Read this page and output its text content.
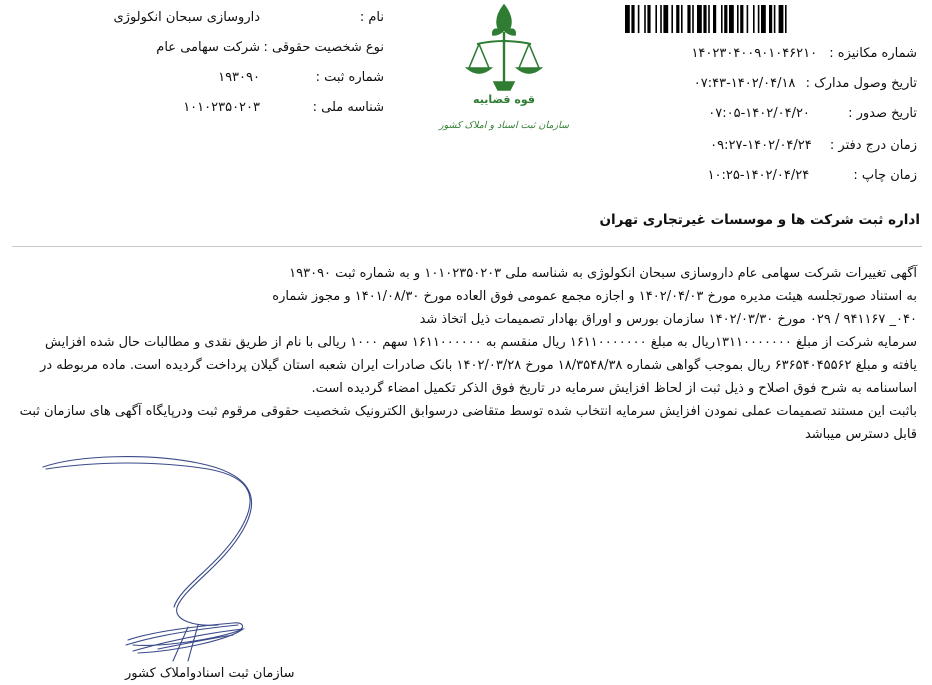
شماره مکانیزه : ۱۴۰۲۳۰۴۰۰۹۰۱۰۴۶۲۱۰
تاریخ وصول مدارک : ۱۴۰۲/۰۴/۱۸-۰۷:۴۳
تاریخ صدور : ۱۴۰۲/۰۴/۲۰-۰۷:۰۵
زمان درج دفتر : ۱۴۰۲/۰۴/۲۴-۰۹:۲۷
زمان چاپ : ۱۴۰۲/۰۴/۲۴-۱۰:۲۵
قوه قضاییه
سازمان ثبت اسناد و املاک کشور
نام :
داروسازی سبحان انکولوژی
نوع شخصیت حقوقی :
شرکت سهامی عام
شماره ثبت :
۱۹۳۰۹۰
شناسه ملی :
۱۰۱۰۲۳۵۰۲۰۳
اداره ثبت شرکت ها و موسسات غیرتجاری تهران

آگهی تغییرات شرکت سهامی عام داروسازی سبحان انکولوژی به شناسه ملی ۱۰۱۰۲۳۵۰۲۰۳ و به شماره ثبت ۱۹۳۰۹۰

به استناد صورتجلسه هیئت مدیره مورخ ۱۴۰۲/۰۴/۰۳ و اجازه مجمع عمومی فوق العاده مورخ ۱۴۰۱/۰۸/۳۰ و مجوز شماره

۰۴۰_ ۹۴۱۱۶۷ / ۰۲۹ مورخ ۱۴۰۲/۰۳/۳۰ سازمان بورس و اوراق بهادار تصمیمات ذیل اتخاذ شد

سرمایه شرکت از مبلغ ۱۳۱۱۰۰۰۰۰۰۰ریال به مبلغ ۱۶۱۱۰۰۰۰۰۰۰ ریال منقسم به ۱۶۱۱۰۰۰۰۰۰ سهم ۱۰۰۰ ریالی با نام از طریق نقدی و مطالبات حال شده افزایش

یافته و مبلغ ۶۳۶۵۴۰۴۵۵۶۲ ریال بموجب گواهی شماره ۱۸/۳۵۴۸/۳۸ مورخ ۱۴۰۲/۰۳/۲۸ بانک صادرات ایران شعبه استان گیلان پرداخت گردیده است. ماده مربوطه در

اساسنامه به شرح فوق اصلاح و ذیل ثبت از لحاظ افزایش سرمایه در تاریخ فوق الذکر تکمیل امضاء گردیده است.

باثبت این مستند تصمیمات عملی نمودن افزایش سرمایه انتخاب شده توسط متقاضی درسوابق الکترونیک شخصیت حقوقی مرقوم ثبت ودرپایگاه آگهی های سازمان ثبت

قابل دسترس میباشد

سازمان ثبت اسنادواملاک کشور
